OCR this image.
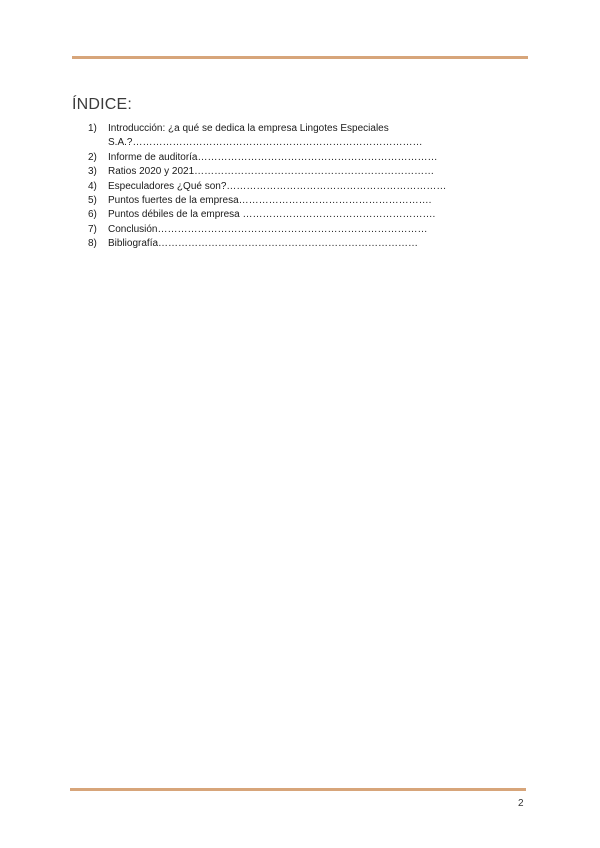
ÍNDICE:
1) Introducción: ¿a qué se dedica la empresa Lingotes Especiales
S.A.?……………………………………………………………………………
2) Informe de auditoría………………………………………………………………
3) Ratios 2020 y 2021………………………………………………………………
4) Especuladores ¿Qué son?…………………………………………………………
5) Puntos fuertes de la empresa………………………………………………….
6) Puntos débiles de la empresa ………………………………………………….
7) Conclusión………………………………………………………………………
8) Bibliografía……………………………………………………………………
2
